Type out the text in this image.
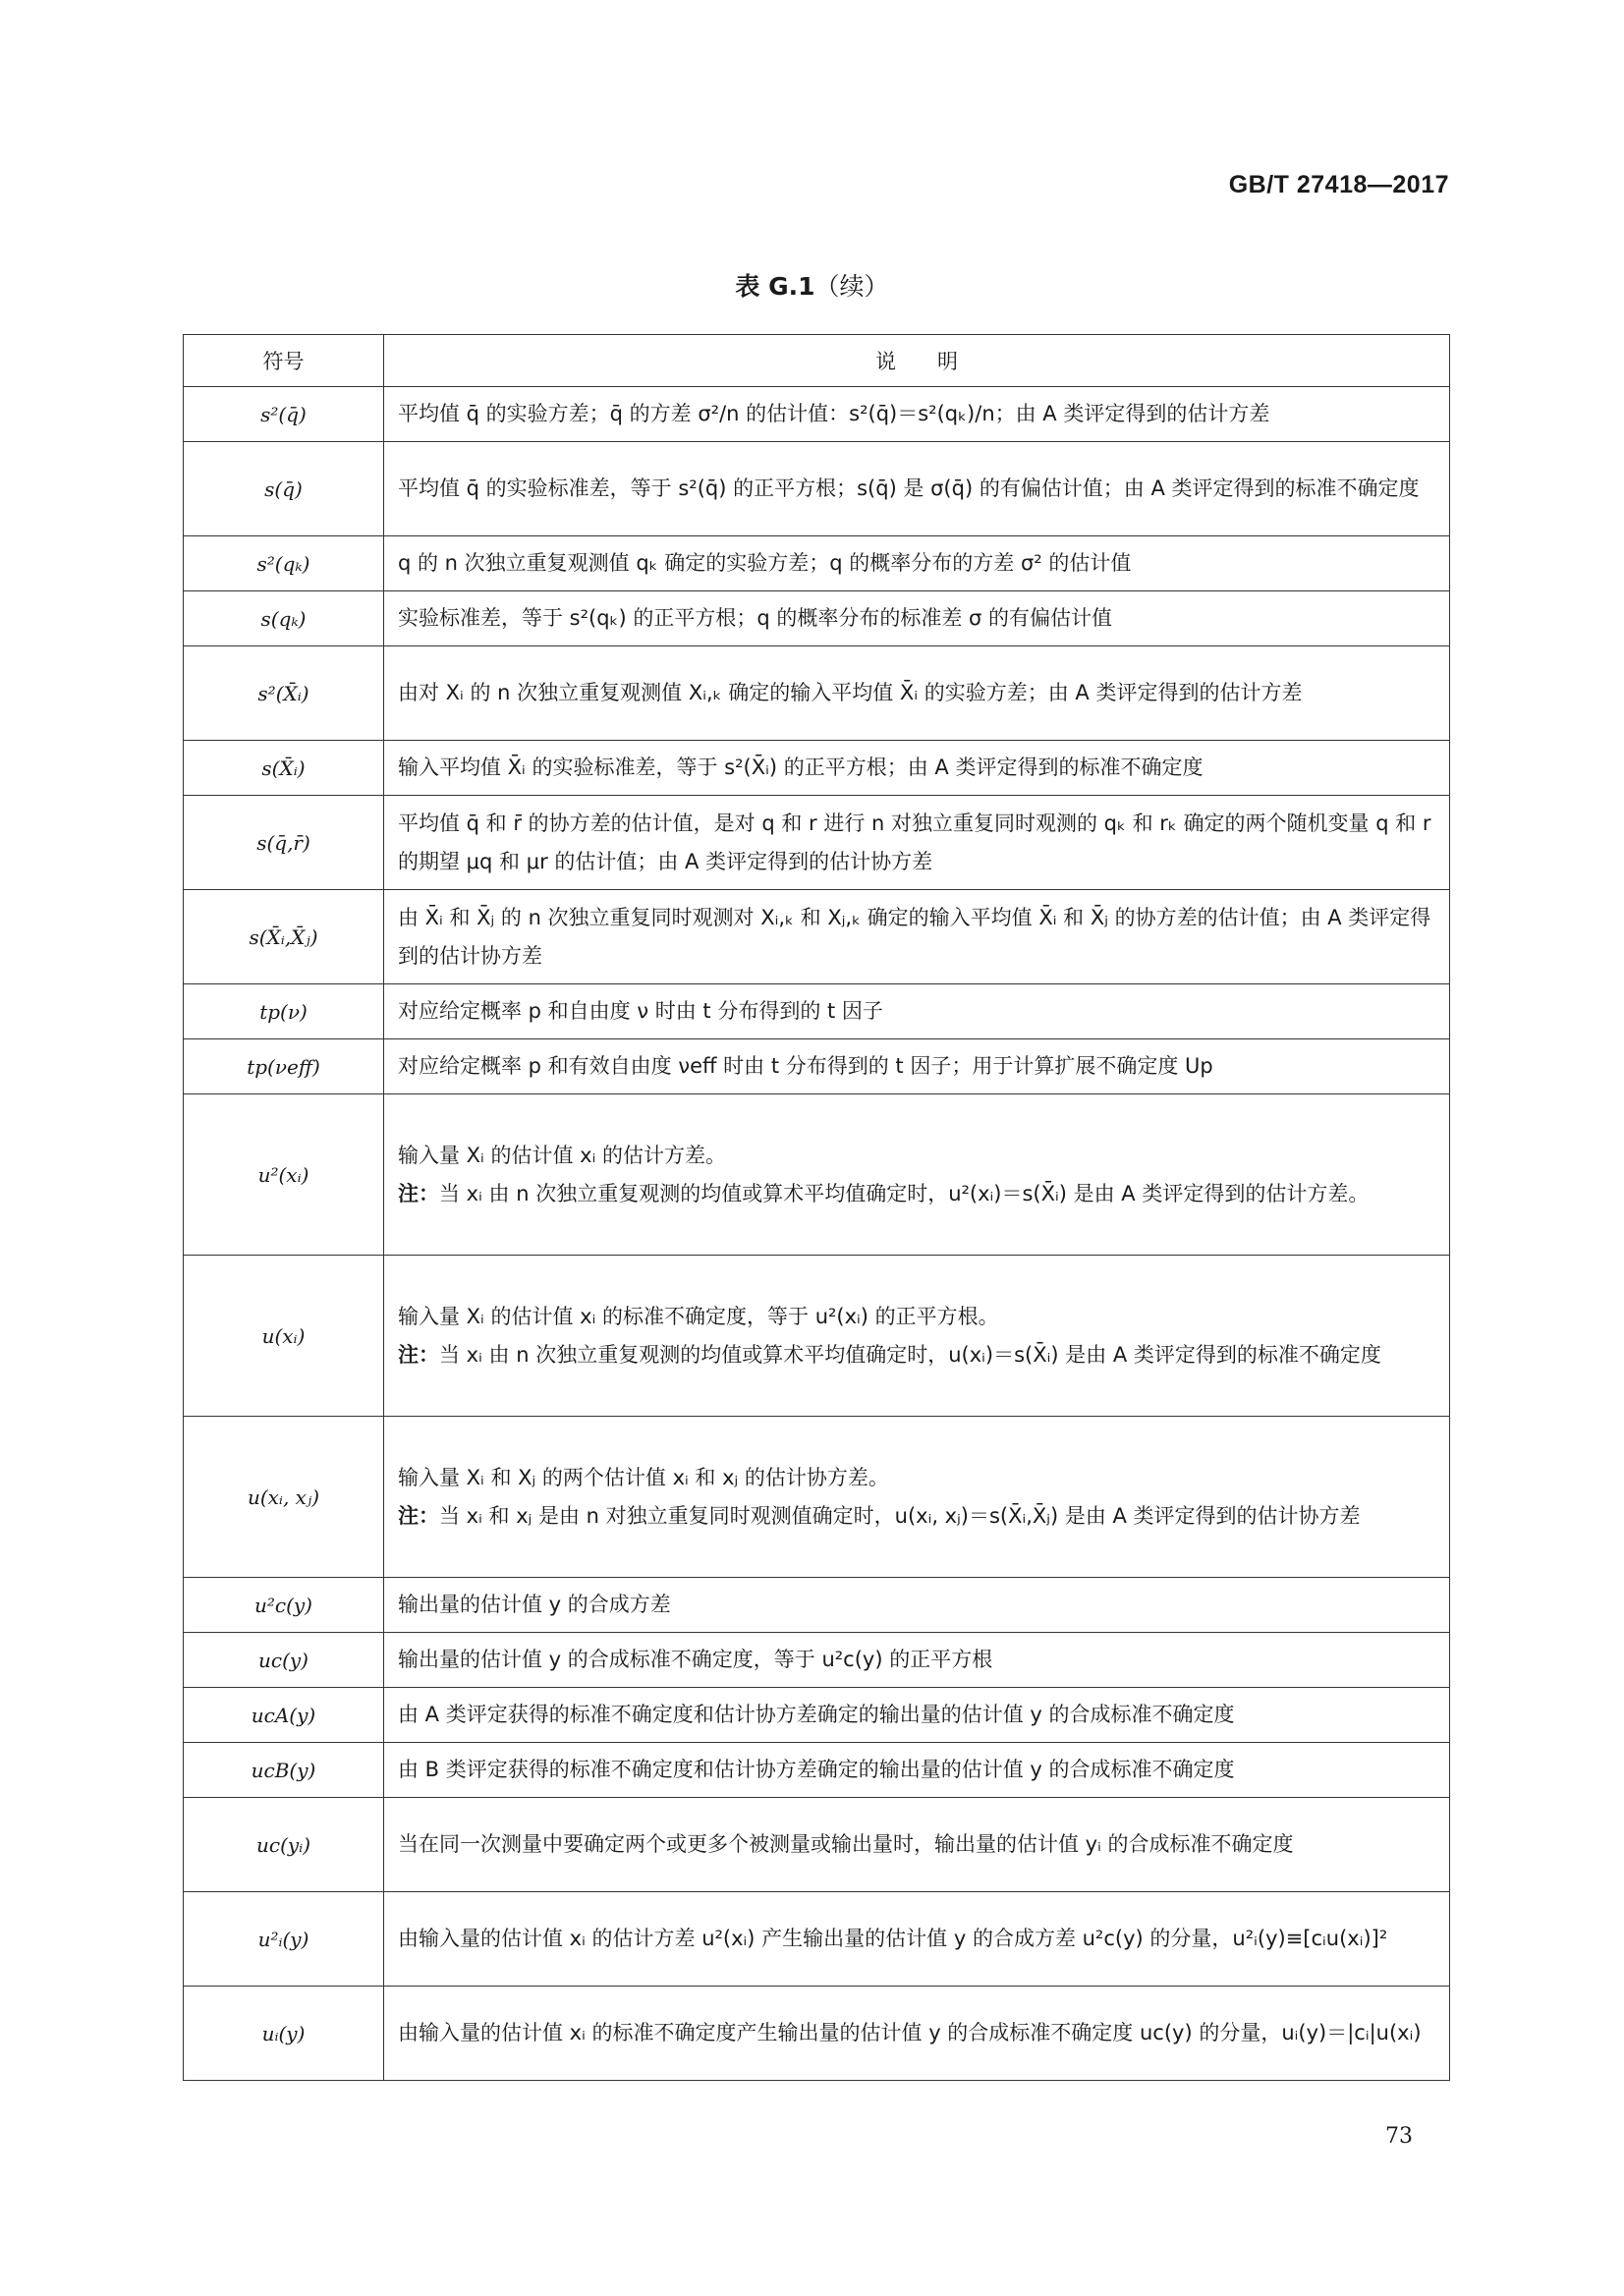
GB/T 27418—2017
表 G.1（续）
符号	说　　明
s²(q̄)	平均值 q̄ 的实验方差；q̄ 的方差 σ²/n 的估计值：s²(q̄)＝s²(qₖ)/n；由 A 类评定得到的估计方差

s(q̄)	平均值 q̄ 的实验标准差，等于 s²(q̄) 的正平方根；s(q̄) 是 σ(q̄) 的有偏估计值；由 A 类评定得到的标准不确定度

s²(qₖ)	q 的 n 次独立重复观测值 qₖ 确定的实验方差；q 的概率分布的方差 σ² 的估计值

s(qₖ)	实验标准差，等于 s²(qₖ) 的正平方根；q 的概率分布的标准差 σ 的有偏估计值

s²(X̄ᵢ)	由对 Xᵢ 的 n 次独立重复观测值 Xᵢ,ₖ 确定的输入平均值 X̄ᵢ 的实验方差；由 A 类评定得到的估计方差

s(X̄ᵢ)	输入平均值 X̄ᵢ 的实验标准差，等于 s²(X̄ᵢ) 的正平方根；由 A 类评定得到的标准不确定度

s(q̄,r̄)	平均值 q̄ 和 r̄ 的协方差的估计值，是对 q 和 r 进行 n 对独立重复同时观测的 qₖ 和 rₖ 确定的两个随机变量 q 和 r 的期望 μq 和 μr 的估计值；由 A 类评定得到的估计协方差

s(X̄ᵢ,X̄ⱼ)	由 X̄ᵢ 和 X̄ⱼ 的 n 次独立重复同时观测对 Xᵢ,ₖ 和 Xⱼ,ₖ 确定的输入平均值 X̄ᵢ 和 X̄ⱼ 的协方差的估计值；由 A 类评定得到的估计协方差

tp(ν)	对应给定概率 p 和自由度 ν 时由 t 分布得到的 t 因子

tp(νeff)	对应给定概率 p 和有效自由度 νeff 时由 t 分布得到的 t 因子；用于计算扩展不确定度 Up

u²(xᵢ)	输入量 Xᵢ 的估计值 xᵢ 的估计方差。
注：当 xᵢ 由 n 次独立重复观测的均值或算术平均值确定时，u²(xᵢ)＝s(X̄ᵢ) 是由 A 类评定得到的估计方差。

u(xᵢ)	输入量 Xᵢ 的估计值 xᵢ 的标准不确定度，等于 u²(xᵢ) 的正平方根。
注：当 xᵢ 由 n 次独立重复观测的均值或算术平均值确定时，u(xᵢ)＝s(X̄ᵢ) 是由 A 类评定得到的标准不确定度

u(xᵢ, xⱼ)	输入量 Xᵢ 和 Xⱼ 的两个估计值 xᵢ 和 xⱼ 的估计协方差。
注：当 xᵢ 和 xⱼ 是由 n 对独立重复同时观测值确定时，u(xᵢ, xⱼ)＝s(X̄ᵢ,X̄ⱼ) 是由 A 类评定得到的估计协方差

u²c(y)	输出量的估计值 y 的合成方差

uc(y)	输出量的估计值 y 的合成标准不确定度，等于 u²c(y) 的正平方根

ucA(y)	由 A 类评定获得的标准不确定度和估计协方差确定的输出量的估计值 y 的合成标准不确定度

ucB(y)	由 B 类评定获得的标准不确定度和估计协方差确定的输出量的估计值 y 的合成标准不确定度

uc(yᵢ)	当在同一次测量中要确定两个或更多个被测量或输出量时，输出量的估计值 yᵢ 的合成标准不确定度

u²ᵢ(y)	由输入量的估计值 xᵢ 的估计方差 u²(xᵢ) 产生输出量的估计值 y 的合成方差 u²c(y) 的分量，u²ᵢ(y)≡[cᵢu(xᵢ)]²

uᵢ(y)	由输入量的估计值 xᵢ 的标准不确定度产生输出量的估计值 y 的合成标准不确定度 uc(y) 的分量，uᵢ(y)＝|cᵢ|u(xᵢ)
73
